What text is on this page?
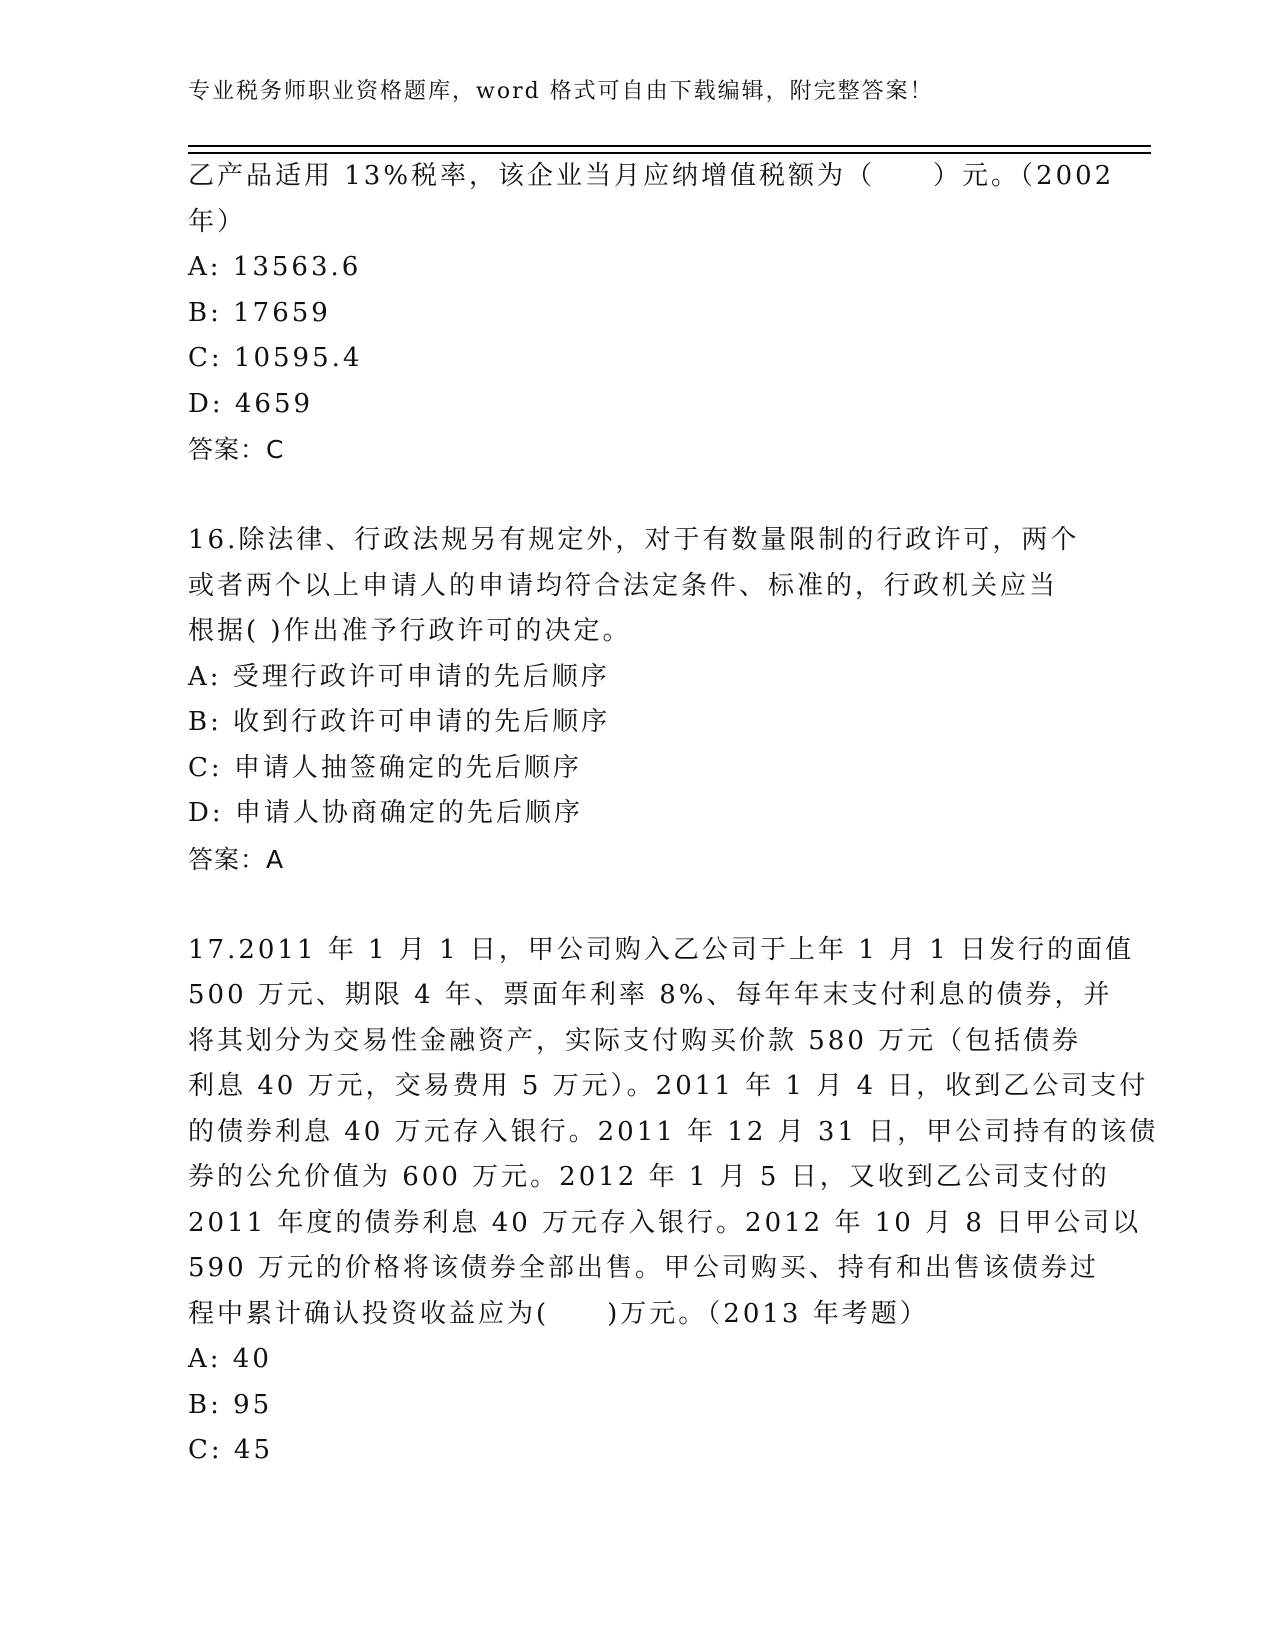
专业税务师职业资格题库，word 格式可自由下载编辑，附完整答案！
乙产品适用 13%税率，该企业当月应纳增值税额为（　　）元。（2002
年）
A: 13563.6
B: 17659
C: 10595.4
D: 4659
答案：C
16.除法律、行政法规另有规定外，对于有数量限制的行政许可，两个
或者两个以上申请人的申请均符合法定条件、标准的，行政机关应当
根据( )作出准予行政许可的决定。
A: 受理行政许可申请的先后顺序
B: 收到行政许可申请的先后顺序
C: 申请人抽签确定的先后顺序
D: 申请人协商确定的先后顺序
答案：A
17.2011 年 1 月 1 日，甲公司购入乙公司于上年 1 月 1 日发行的面值
500 万元、期限 4 年、票面年利率 8%、每年年末支付利息的债券，并
将其划分为交易性金融资产，实际支付购买价款 580 万元（包括债券
利息 40 万元，交易费用 5 万元）。2011 年 1 月 4 日，收到乙公司支付
的债券利息 40 万元存入银行。2011 年 12 月 31 日，甲公司持有的该债
券的公允价值为 600 万元。2012 年 1 月 5 日，又收到乙公司支付的
2011 年度的债券利息 40 万元存入银行。2012 年 10 月 8 日甲公司以
590 万元的价格将该债券全部出售。甲公司购买、持有和出售该债券过
程中累计确认投资收益应为(　　)万元。（2013 年考题）
A: 40
B: 95
C: 45
